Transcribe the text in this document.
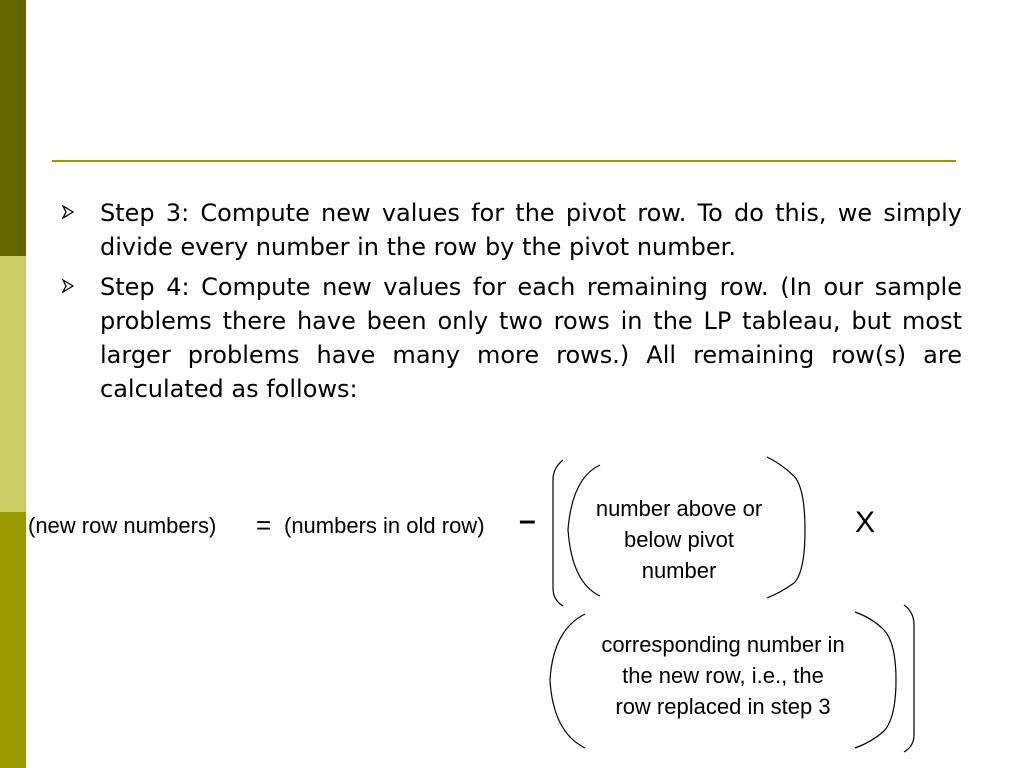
Step 3: Compute new values for the pivot row. To do this, we simply divide every number in the row by the pivot number.
Step 4: Compute new values for each remaining row. (In our sample problems there have been only two rows in the LP tableau, but most larger problems have many more rows.) All remaining row(s) are calculated as follows:
(new row numbers) = (numbers in old row) –	X
number above or
below pivot
number
corresponding number in
the new row, i.e., the
row replaced in step 3
